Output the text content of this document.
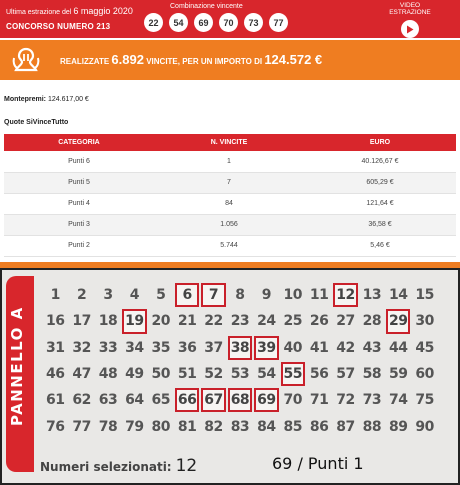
Ultima estrazione del 6 maggio 2020
CONCORSO NUMERO 213
Combinazione vincente
22	54	69	70	73	77
VIDEO ESTRAZIONE
REALIZZATE 6.892 VINCITE, PER UN IMPORTO DI 124.572 €
Montepremi: 124.617,00 €
Quote SiVinceTutto
CATEGORIA	N. VINCITE	EURO
Punti 6	1	40.126,67 €
Punti 5	7	605,29 €
Punti 4	84	121,64 €
Punti 3	1.056	36,58 €
Punti 2	5.744	5,46 €
PANNELLO A
1	2	3	4	5	6	7	8	9 10 11 12 13 14 15
16 17 18 19 20 21 22 23 24 25 26 27 28 29 30
31 32 33 34 35 36 37 38 39 40 41 42 43 44 45
46 47 48 49 50 51 52 53 54 55 56 57 58 59 60
61 62 63 64 65 66 67 68 69 70 71 72 73 74 75
76 77 78 79 80 81 82 83 84 85 86 87 88 89 90
Numeri selezionati: 12	69 / Punti 1
